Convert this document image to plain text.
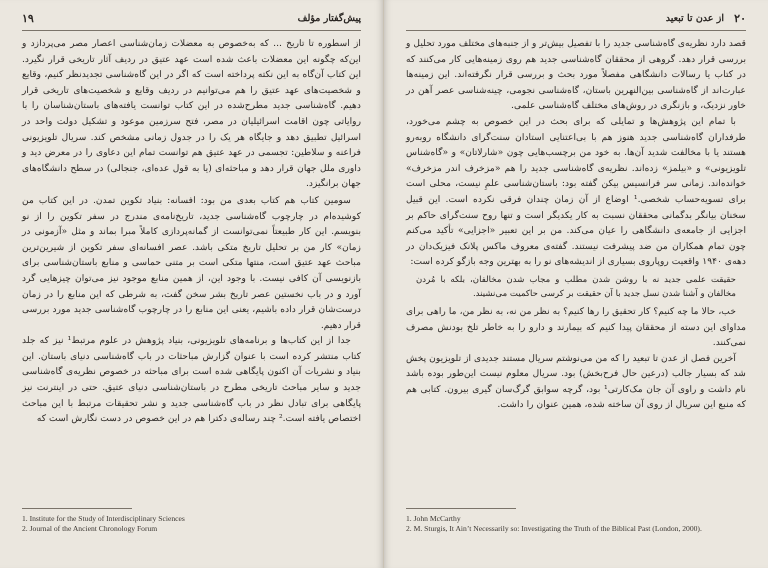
۱۹	پیش‌گفتار مؤلف

از اسطوره تا تاریخ ... که به‌خصوص به معضلات زمان‌شناسی اعصار مصر می‌پردازد و این‌که چگونه این معضلات باعث شده است عهد عتیق در ردیف آثار تاریخی قرار نگیرد. این کتاب آن‌گاه به این نکته پرداخته است که اگر در این گاه‌شناسی تجدیدنظر کنیم، وقایع و شخصیت‌های عهد عتیق را هم می‌توانیم در ردیف وقایع و شخصیت‌های تاریخی قرار دهیم. گاه‌شناسی جدید مطرح‌شده در این کتاب توانست یافته‌های باستان‌شناسان را با روایاتی چون اقامت اسرائیلیان در مصر، فتح سرزمین موعود و تشکیل دولت واحد در اسرائیل تطبیق دهد و جایگاه هر یک را در جدول زمانی مشخص کند. سریال تلویزیونی فراعنه و سلاطین: تجسمی در عهد عتیق هم توانست تمام این دعاوی را در معرض دید و داوری ملل جهان قرار دهد و مباحثه‌ای (یا به قول عده‌ای، جنجالی) در سطح دانشگاه‌های جهان برانگیزد.

سومین کتاب هم کتاب بعدی من بود: افسانه: بنیاد تکوین تمدن. در این کتاب من کوشیده‌ام در چارچوب گاه‌شناسی جدید، تاریخ‌نامه‌ی مندرج در سفر تکوین را از نو بنویسم. این کار طبیعتاً نمی‌توانست از گمانه‌پردازی کاملاً مبرا بماند و مثل «آزمونی در زمان» کار من بر تحلیل تاریخ متکی باشد. عصر افسانه‌ای سفر تکوین از شیرین‌ترین مباحث عهد عتیق است، منتها متکی است بر متنی حماسی و منابع باستان‌شناسی برای بازنویسی آن کافی نیست. با وجود این، از همین منابع موجود نیز می‌توان چیزهایی گرد آورد و در باب نخستین عصر تاریخ بشر سخن گفت، به شرطی که این منابع را در زمان درست‌شان قرار داده باشیم، یعنی این منابع را در چارچوب گاه‌شناسی جدید مورد بررسی قرار دهیم.

جدا از این کتاب‌ها و برنامه‌های تلویزیونی، بنیاد پژوهش در علوم مرتبط¹ نیز که جلد کتاب منتشر کرده است با عنوان گزارش مباحثات در باب گاه‌شناسی دنیای باستان. این بنیاد و نشریات آن اکنون پایگاهی شده است برای مباحثه در خصوص نظریه‌ی گاه‌شناسی جدید و سایر مباحث تاریخی مطرح در باستان‌شناسی دنیای عتیق. حتی در اینترنت نیز پایگاهی برای تبادل نظر در باب گاه‌شناسی جدید و نشر تحقیقات مرتبط با این مباحث اختصاص یافته است.² چند رساله‌ی دکترا هم در این خصوص در دست نگارش است که

1. Institute for the Study of Interdisciplinary Sciences
2. Journal of the Ancient Chronology Forum
۲۰
از عدن تا تبعید

قصد دارد نظریه‌ی گاه‌شناسی جدید را با تفصیل بیش‌تر و از جنبه‌های مختلف مورد تحلیل و بررسی قرار دهد. گروهی از محققان گاه‌شناسی جدید هم روی زمینه‌هایی کار می‌کنند که در کتاب یا رسالات دانشگاهی مفصلاً مورد بحث و بررسی قرار نگرفته‌اند. این زمینه‌ها عبارت‌اند از گاه‌شناسی بین‌النهرین باستان، گاه‌شناسی نجومی، چینه‌شناسی عصر آهن در خاور نزدیک، و بازنگری در روش‌های مختلف گاه‌شناسی علمی.

با تمام این پژوهش‌ها و تمایلی که برای بحث در این خصوص به چشم می‌خورد، طرفداران گاه‌شناسی جدید هنوز هم با بی‌اعتنایی استادان سنت‌گرای دانشگاه روبه‌رو هستند یا با مخالفت شدید آن‌ها. به خود من برچسب‌هایی چون «شارلاتان» و «گاه‌شناس تلویزیونی» و «بیلمز» زده‌اند. نظریه‌ی گاه‌شناسی جدید را هم «مزخرف اندر مزخرف» خوانده‌اند. زمانی سر فرانسیس بیکن گفته بود: باستان‌شناسی علمِ نیست، محلی است برای تسویه‌حساب شخصی.¹ اوضاع از آن زمان چندان فرقی نکرده است. این قبیل سخنان بیانگر بدگمانی محققان نسبت به کار یکدیگر است و تنها روح سنت‌گرای حاکم بر اجزایی از جامعه‌ی دانشگاهی را عیان می‌کند. من بر این تعبیر «اجزایی» تأکید می‌کنم چون تمام همکاران من ضد پیشرفت نیستند. گفته‌ی معروف ماکس پلانک فیزیک‌دان در دهه‌ی ۱۹۴۰ واقعیت روپاروی بسیاری از اندیشه‌های نو را به بهترین وجه بازگو کرده است:

حقیقت علمی جدید نه با روشن شدن مطلب و مجاب شدن مخالفان، بلکه با مُردن مخالفان و آشنا شدن نسل جدید با آن حقیقت بر کرسی حاکمیت می‌نشیند.

خب، حالا ما چه کنیم؟ کار تحقیق را رها کنیم؟ به نظر من نه، به نظر من، ما راهی برای مداوای این دسته از محققان پیدا کنیم که بیمارند و دارو را به خاطر تلخ بودنش مصرف نمی‌کنند.

آخرین فصل از عدن تا تبعید را که من می‌نوشتم سریال مستند جدیدی از تلویزیون پخش شد که بسیار جالب (درعین حال فرح‌بخش) بود. سریال معلوم نیست این‌طور بوده باشد نام داشت و راوی آن جان مک‌کارتی¹ بود، گرچه سوابق گرگ‌سان گیری بیرون. کتابی هم که منبع این سریال از روی آن ساخته شده، همین عنوان را داشت.

1. John McCarthy
2. M. Sturgis, It Ain’t Necessarily so: Investigating the Truth of the Biblical Past (London, 2000).
